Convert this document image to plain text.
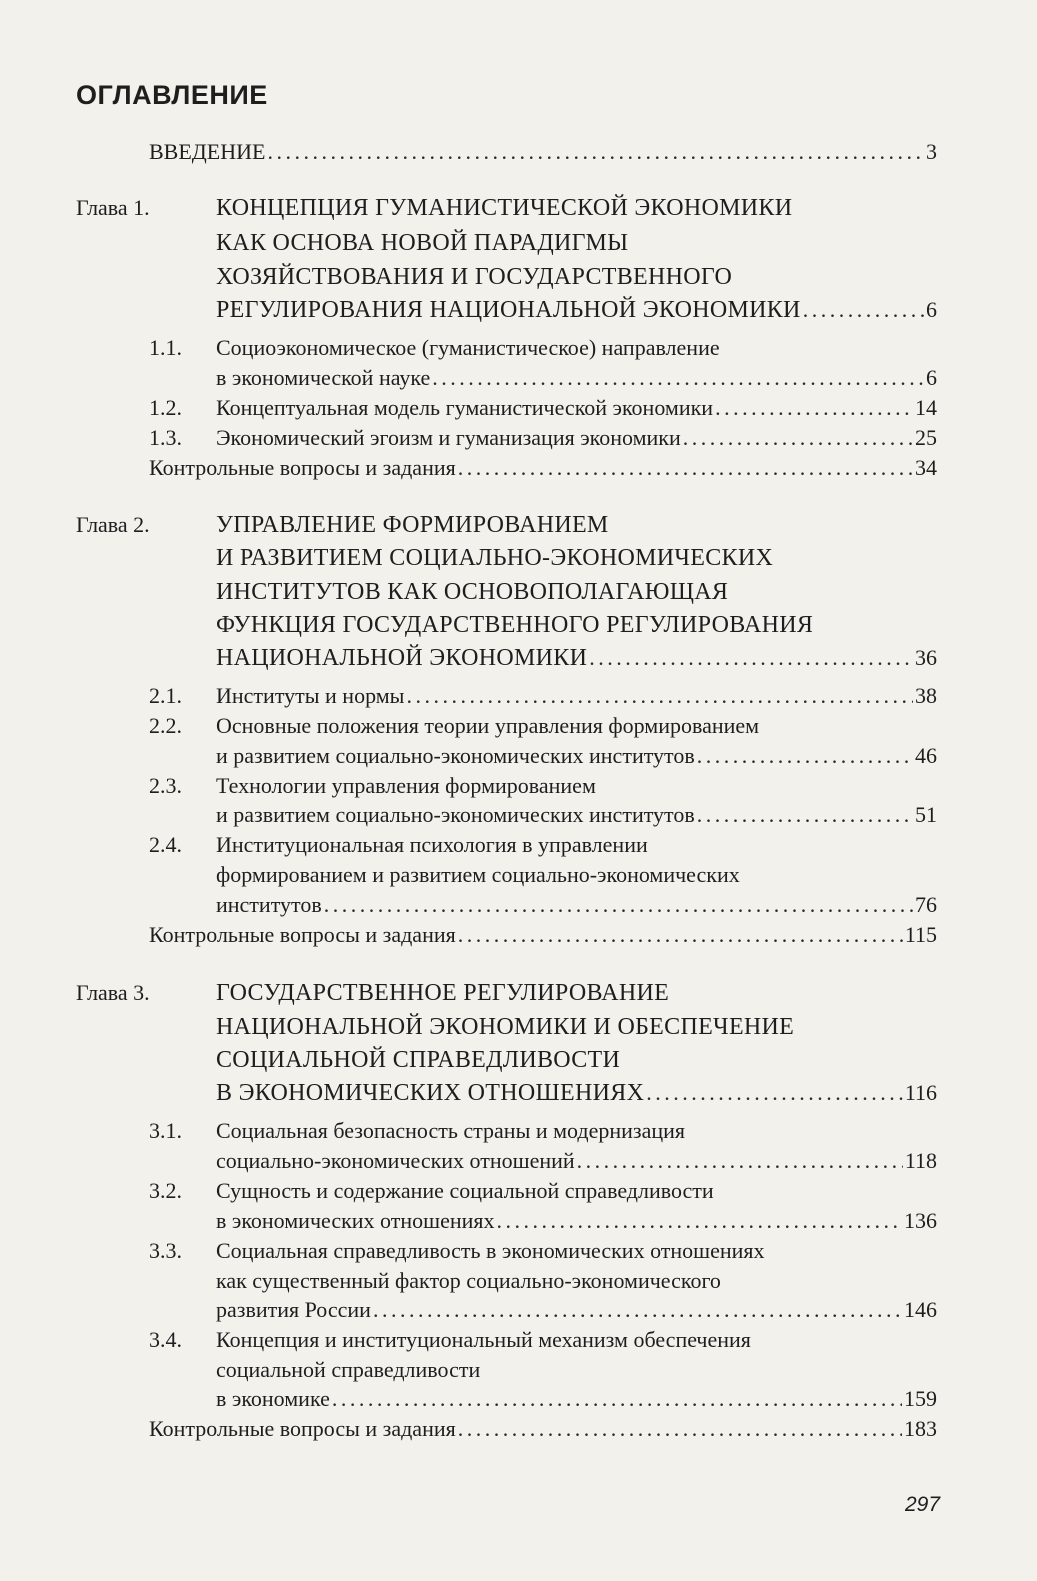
ОГЛАВЛЕНИЕ
ВВЕДЕНИЕ . . .	3
Глава 1.	КОНЦЕПЦИЯ ГУМАНИСТИЧЕСКОЙ ЭКОНОМИКИ
КАК ОСНОВА НОВОЙ ПАРАДИГМЫ
ХОЗЯЙСТВОВАНИЯ И ГОСУДАРСТВЕННОГО
РЕГУЛИРОВАНИЯ НАЦИОНАЛЬНОЙ ЭКОНОМИКИ . . .	6
1.1. Социоэкономическое (гуманистическое) направление
в экономической науке . . .	6
1.2. Концептуальная модель гуманистической экономики . . .	14
1.3. Экономический эгоизм и гуманизация экономики . . .	25
Контрольные вопросы и задания . . .	34
Глава 2.	УПРАВЛЕНИЕ ФОРМИРОВАНИЕМ
И РАЗВИТИЕМ СОЦИАЛЬНО-ЭКОНОМИЧЕСКИХ
ИНСТИТУТОВ КАК ОСНОВОПОЛАГАЮЩАЯ
ФУНКЦИЯ ГОСУДАРСТВЕННОГО РЕГУЛИРОВАНИЯ
НАЦИОНАЛЬНОЙ ЭКОНОМИКИ . . .	36
2.1. Институты и нормы . . .	38
2.2. Основные положения теории управления формированием
и развитием социально-экономических институтов . . .	46
2.3. Технологии управления формированием
и развитием социально-экономических институтов . . .	51
2.4. Институциональная психология в управлении
формированием и развитием социально-экономических
институтов . . .	76
Контрольные вопросы и задания . . .	115
Глава 3.	ГОСУДАРСТВЕННОЕ РЕГУЛИРОВАНИЕ
НАЦИОНАЛЬНОЙ ЭКОНОМИКИ И ОБЕСПЕЧЕНИЕ
СОЦИАЛЬНОЙ СПРАВЕДЛИВОСТИ
В ЭКОНОМИЧЕСКИХ ОТНОШЕНИЯХ . . .	116
3.1. Социальная безопасность страны и модернизация
социально-экономических отношений . . .	118
3.2. Сущность и содержание социальной справедливости
в экономических отношениях . . .	136
3.3. Социальная справедливость в экономических отношениях
как существенный фактор социально-экономического
развития России . . .	146
3.4. Концепция и институциональный механизм обеспечения
социальной справедливости
в экономике . . .	159
Контрольные вопросы и задания . . .	183
297
